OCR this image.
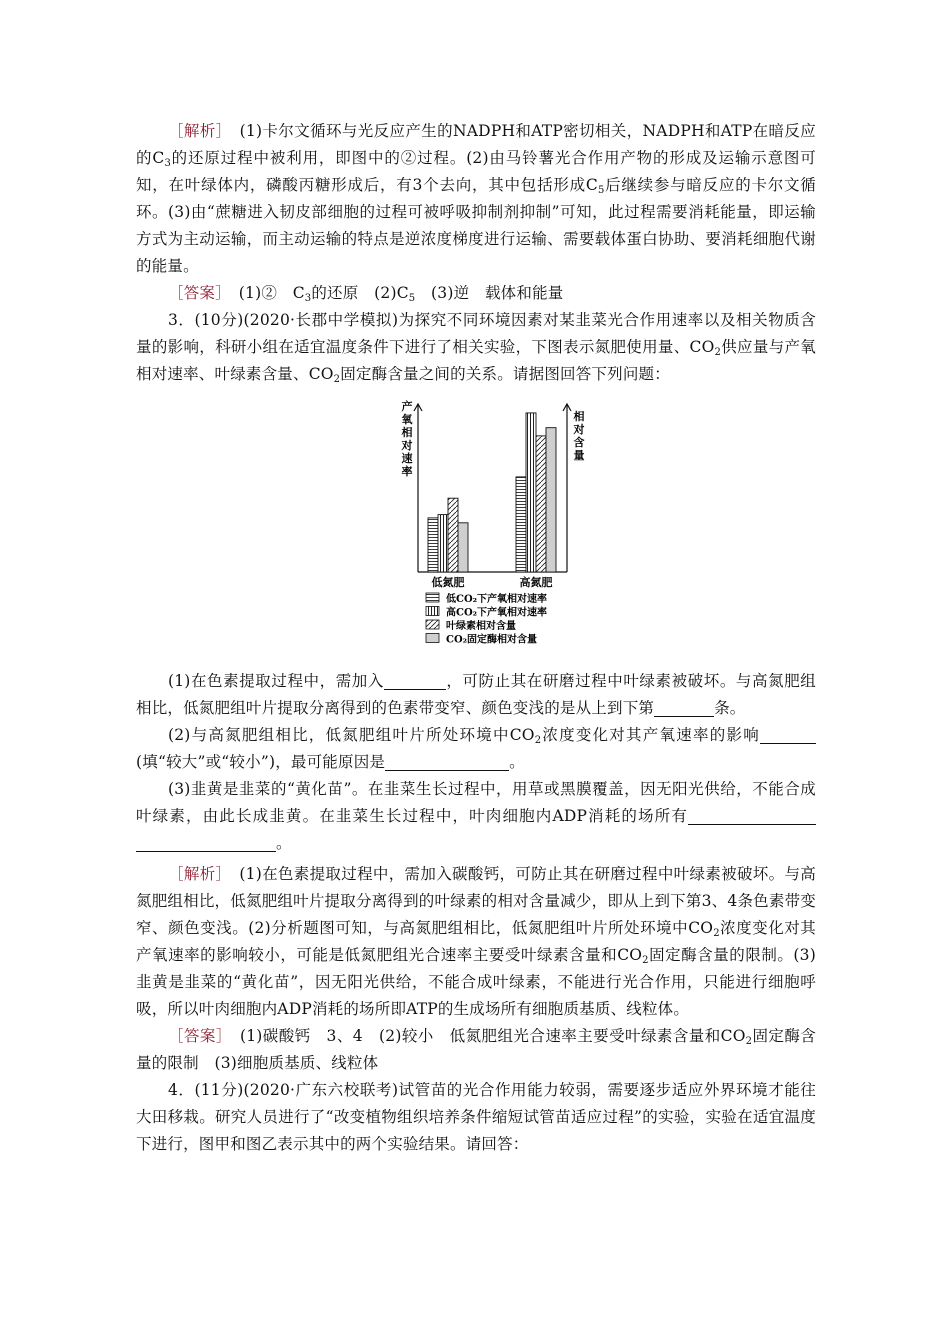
［解析］　(1)卡尔文循环与光反应产生的NADPH和ATP密切相关，NADPH和ATP在暗反应的$C_3$的还原过程中被利用，即图中的②过程。(2)由马铃薯光合作用产物的形成及运输示意图可知，在叶绿体内，磷酸丙糖形成后，有3个去向，其中包括形成$C_5$后继续参与暗反应的卡尔文循环。(3)由“蔗糖进入韧皮部细胞的过程可被呼吸抑制剂抑制”可知，此过程需要消耗能量，即运输方式为主动运输，而主动运输的特点是逆浓度梯度进行运输、需要载体蛋白协助、要消耗细胞代谢的能量。

［答案］　(1)②　$C_3$的还原　$(2)C_5$　(3)逆　载体和能量

3．(10分)(2020·长郡中学模拟)为探究不同环境因素对某韭菜光合作用速率以及相关物质含量的影响，科研小组在适宜温度条件下进行了相关实验，下图表示氮肥使用量、$CO_2$供应量与产氧相对速率、叶绿素含量、$CO_2$固定酶含量之间的关系。请据图回答下列问题：

产氧相对速率
相对含量
低氮肥	高氮肥
低CO₂下产氧相对速率
高CO₂下产氧相对速率
叶绿素相对含量
CO₂固定酶相对含量

(1)在色素提取过程中，需加入	，可防止其在研磨过程中叶绿素被破坏。与高氮肥组相比，低氮肥组叶片提取分离得到的色素带变窄、颜色变浅的是从上到下第	条。

(2)与高氮肥组相比，低氮肥组叶片所处环境中$CO_2$浓度变化对其产氧速率的影响(填“较大”或“较小”)，最可能原因是	。

(3)韭黄是韭菜的“黄化苗”。在韭菜生长过程中，用草或黑膜覆盖，因无阳光供给，不能合成叶绿素，由此长成韭黄。在韭菜生长过程中，叶肉细胞内ADP消耗的场所有。

［解析］　(1)在色素提取过程中，需加入碳酸钙，可防止其在研磨过程中叶绿素被破坏。与高氮肥组相比，低氮肥组叶片提取分离得到的叶绿素的相对含量减少，即从上到下第3、4条色素带变窄、颜色变浅。(2)分析题图可知，与高氮肥组相比，低氮肥组叶片所处环境中$CO_2$浓度变化对其产氧速率的影响较小，可能是低氮肥组光合速率主要受叶绿素含量和$CO_2$固定酶含量的限制。(3)韭黄是韭菜的“黄化苗”，因无阳光供给，不能合成叶绿素，不能进行光合作用，只能进行细胞呼吸，所以叶肉细胞内ADP消耗的场所即ATP的生成场所有细胞质基质、线粒体。

［答案］　(1)碳酸钙　3、4　(2)较小　低氮肥组光合速率主要受叶绿素含量和$CO_2$固定酶含量的限制　(3)细胞质基质、线粒体

4．(11分)(2020·广东六校联考)试管苗的光合作用能力较弱，需要逐步适应外界环境才能往大田移栽。研究人员进行了“改变植物组织培养条件缩短试管苗适应过程”的实验，实验在适宜温度下进行，图甲和图乙表示其中的两个实验结果。请回答：
